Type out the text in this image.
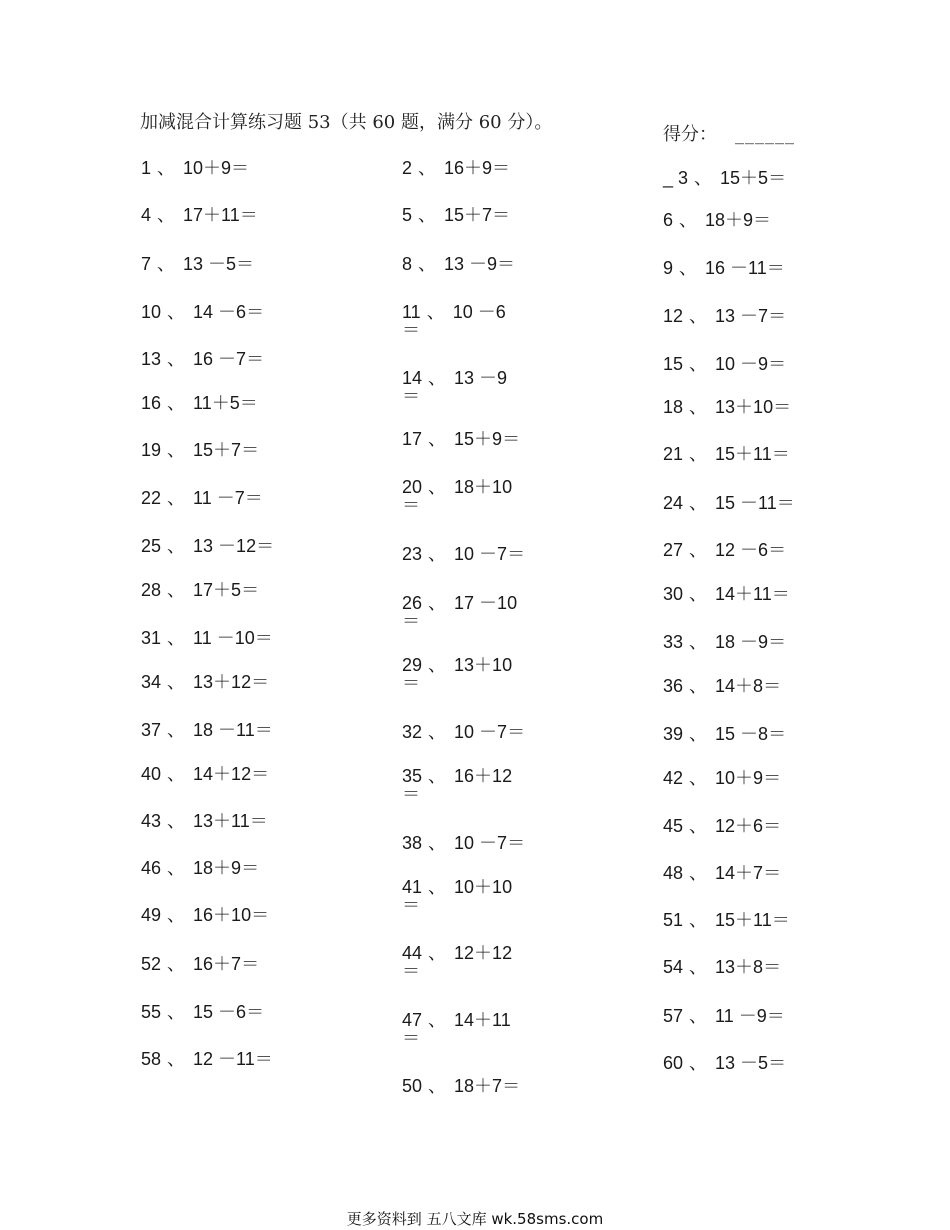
加减混合计算练习题 53（共 60 题，满分 60 分）。
得分： ______
1 、 10＋9＝
4 、 17＋11＝
7 、 13 －5＝
10 、 14 －6＝
13 、 16 －7＝
16 、 11＋5＝
19 、 15＋7＝
22 、 11 －7＝
25 、 13 －12＝
28 、 17＋5＝
31 、 11 －10＝
34 、 13＋12＝
37 、 18 －11＝
40 、 14＋12＝
43 、 13＋11＝
46 、 18＋9＝
49 、 16＋10＝
52 、 16＋7＝
55 、 15 －6＝
58 、 12 －11＝
2 、 16＋9＝
5 、 15＋7＝
8 、 13 －9＝
11 、 10 －6
＝
14 、 13 －9
＝
17 、 15＋9＝
20 、 18＋10
＝
23 、 10 －7＝
26 、 17 －10
＝
29 、 13＋10
＝
32 、 10 －7＝
35 、 16＋12
＝
38 、 10 －7＝
41 、 10＋10
＝
44 、 12＋12
＝
47 、 14＋11
＝
50 、 18＋7＝
_ 3 、 15＋5＝
6 、 18＋9＝
9 、 16 －11＝
12 、 13 －7＝
15 、 10 －9＝
18 、 13＋10＝
21 、 15＋11＝
24 、 15 －11＝
27 、 12 －6＝
30 、 14＋11＝
33 、 18 －9＝
36 、 14＋8＝
39 、 15 －8＝
42 、 10＋9＝
45 、 12＋6＝
48 、 14＋7＝
51 、 15＋11＝
54 、 13＋8＝
57 、 11 －9＝
60 、 13 －5＝
更多资料到 五八文库 wk.58sms.com
